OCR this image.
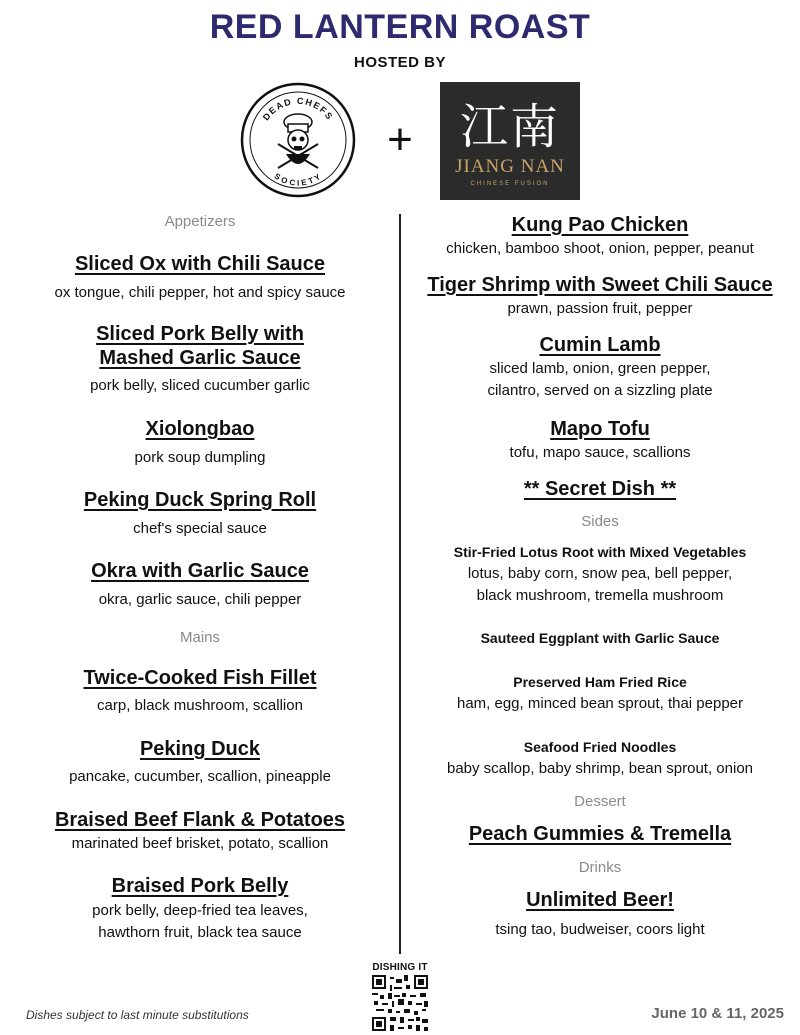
RED LANTERN ROAST
HOSTED BY
DEAD CHEFS
SOCIETY
+ 江南
JIANG NAN
CHINESE FUSION
Appetizers
Sliced Ox with Chili Sauce
ox tongue, chili pepper, hot and spicy sauce
Sliced Pork Belly with
Mashed Garlic Sauce
pork belly, sliced cucumber garlic
Xiolongbao
pork soup dumpling
Peking Duck Spring Roll
chef's special sauce
Okra with Garlic Sauce
okra, garlic sauce, chili pepper
Mains
Twice-Cooked Fish Fillet
carp, black mushroom, scallion
Peking Duck
pancake, cucumber, scallion, pineapple
Braised Beef Flank & Potatoes
marinated beef brisket, potato, scallion
Braised Pork Belly
pork belly, deep-fried tea leaves,
hawthorn fruit, black tea sauce
Kung Pao Chicken
chicken, bamboo shoot, onion, pepper, peanut
Tiger Shrimp with Sweet Chili Sauce
prawn, passion fruit, pepper
Cumin Lamb
sliced lamb, onion, green pepper,
cilantro, served on a sizzling plate
Mapo Tofu
tofu, mapo sauce, scallions
** Secret Dish **
Sides
Stir-Fried Lotus Root with Mixed Vegetables
lotus, baby corn, snow pea, bell pepper,
black mushroom, tremella mushroom
Sauteed Eggplant with Garlic Sauce
Preserved Ham Fried Rice
ham, egg, minced bean sprout, thai pepper
Seafood Fried Noodles
baby scallop, baby shrimp, bean sprout, onion
Dessert
Peach Gummies & Tremella
Drinks
Unlimited Beer!
tsing tao, budweiser, coors light
Dishes subject to last minute substitutions
DISHING IT
June 10 & 11, 2025
